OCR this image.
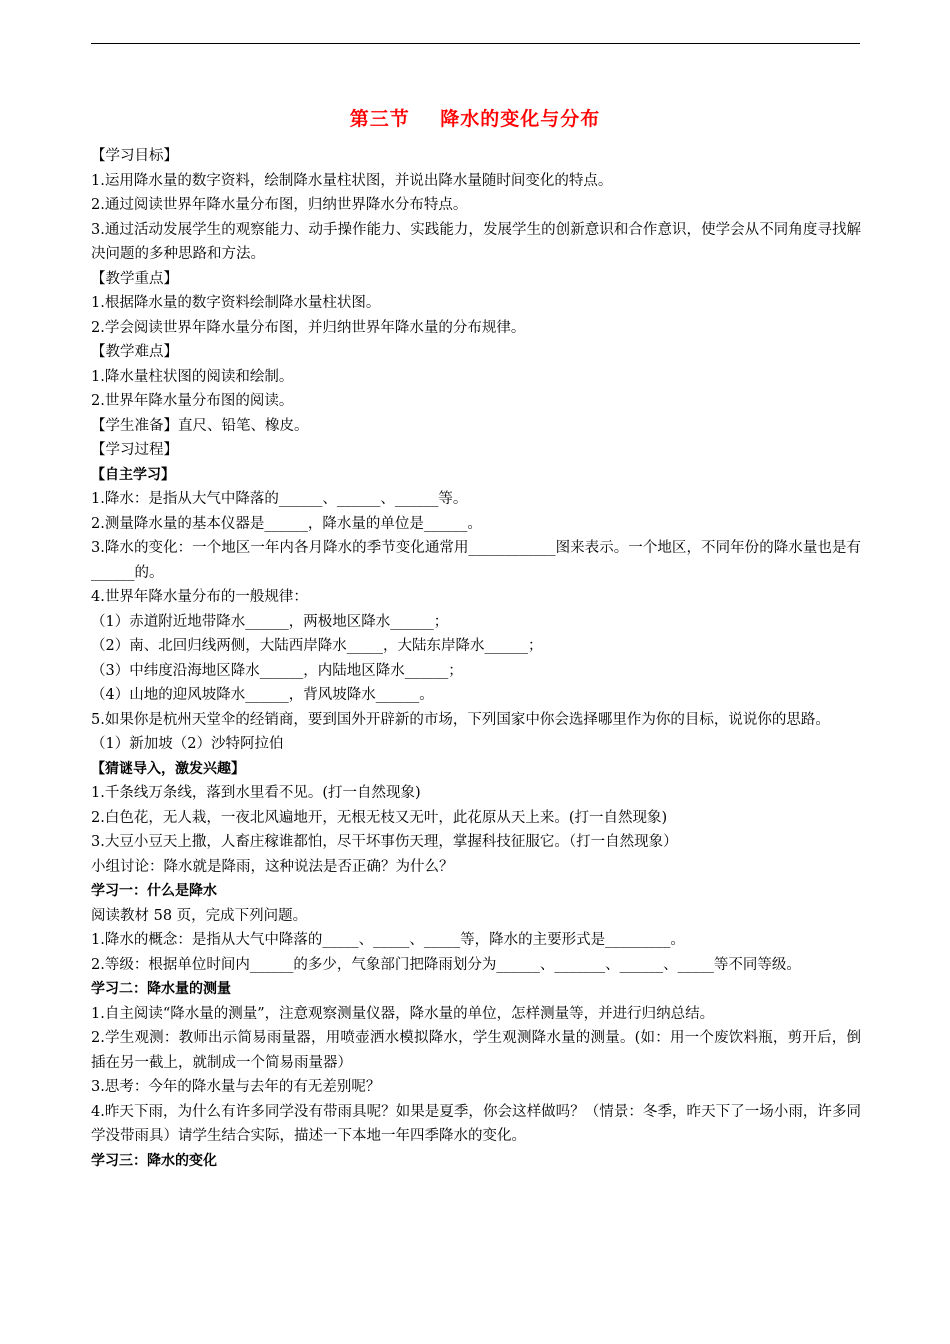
第三节    降水的变化与分布
【学习目标】
1.运用降水量的数字资料，绘制降水量柱状图，并说出降水量随时间变化的特点。
2.通过阅读世界年降水量分布图，归纳世界降水分布特点。
3.通过活动发展学生的观察能力、动手操作能力、实践能力，发展学生的创新意识和合作意识，使学会从不同角度寻找解决问题的多种思路和方法。
【教学重点】
1.根据降水量的数字资料绘制降水量柱状图。
2.学会阅读世界年降水量分布图，并归纳世界年降水量的分布规律。
【教学难点】
1.降水量柱状图的阅读和绘制。
2.世界年降水量分布图的阅读。
【学生准备】直尺、铅笔、橡皮。
【学习过程】
【自主学习】
1.降水：是指从大气中降落的______、______、______等。
2.测量降水量的基本仪器是______，降水量的单位是______。
3.降水的变化：一个地区一年内各月降水的季节变化通常用____________图来表示。一个地区，不同年份的降水量也是有______的。
4.世界年降水量分布的一般规律：
（1）赤道附近地带降水______，两极地区降水______；
（2）南、北回归线两侧，大陆西岸降水_____，大陆东岸降水______；
（3）中纬度沿海地区降水______，内陆地区降水______；
（4）山地的迎风坡降水______，背风坡降水______。
5.如果你是杭州天堂伞的经销商，要到国外开辟新的市场，下列国家中你会选择哪里作为你的目标，说说你的思路。
（1）新加坡（2）沙特阿拉伯
【猜谜导入，激发兴趣】
1.千条线万条线，落到水里看不见。(打一自然现象)
2.白色花，无人栽，一夜北风遍地开，无根无枝又无叶，此花原从天上来。(打一自然现象)
3.大豆小豆天上撒，人畜庄稼谁都怕，尽干坏事伤天理，掌握科技征服它。（打一自然现象）
小组讨论：降水就是降雨，这种说法是否正确？为什么？
学习一：什么是降水
阅读教材 58 页，完成下列问题。
1.降水的概念：是指从大气中降落的_____、_____、_____等，降水的主要形式是_________。
2.等级：根据单位时间内______的多少，气象部门把降雨划分为______、_______、______、_____等不同等级。
学习二：降水量的测量
1.自主阅读“降水量的测量”，注意观察测量仪器，降水量的单位，怎样测量等，并进行归纳总结。
2.学生观测：教师出示简易雨量器，用喷壶洒水模拟降水，学生观测降水量的测量。(如：用一个废饮料瓶，剪开后，倒插在另一截上，就制成一个简易雨量器）
3.思考：今年的降水量与去年的有无差别呢？
4.昨天下雨，为什么有许多同学没有带雨具呢？如果是夏季，你会这样做吗？（情景：冬季，昨天下了一场小雨，许多同学没带雨具）请学生结合实际，描述一下本地一年四季降水的变化。
学习三：降水的变化
